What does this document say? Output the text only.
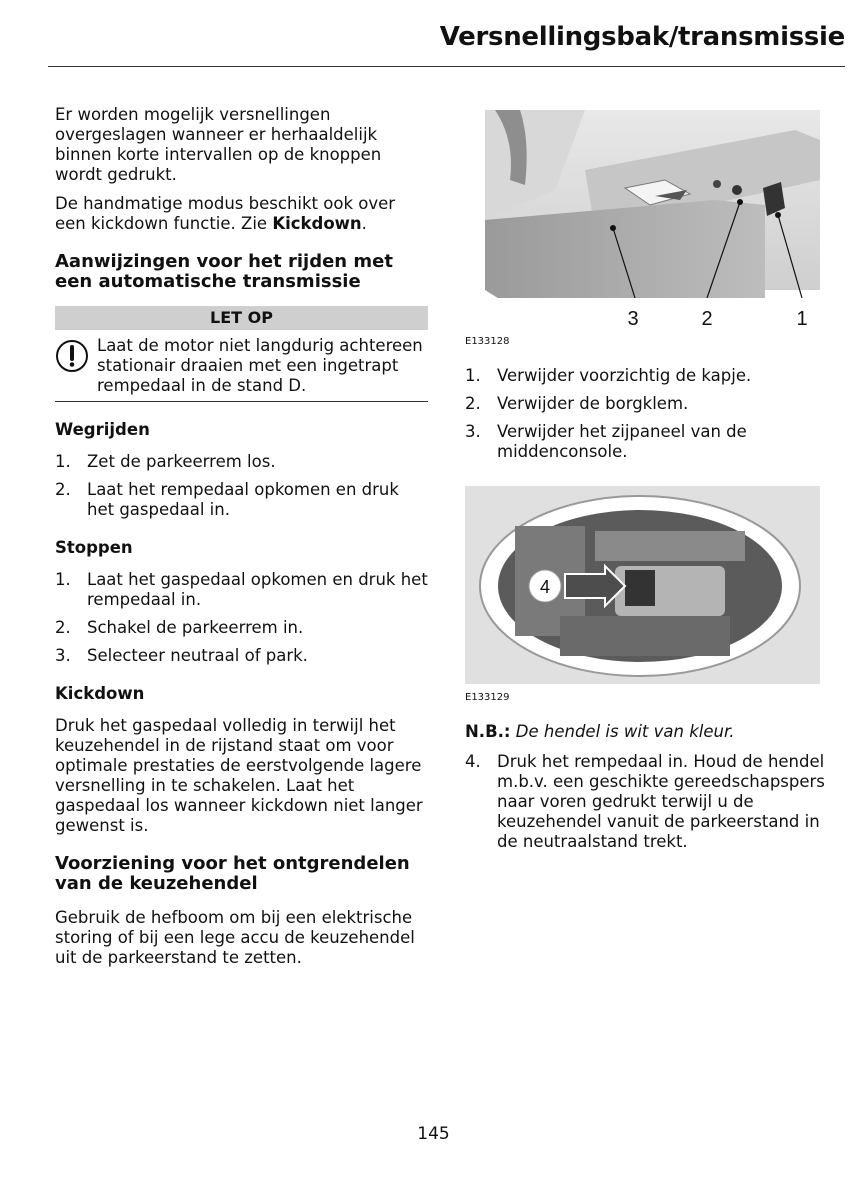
Versnellingsbak/transmissie

Er worden mogelijk versnellingen overgeslagen wanneer er herhaaldelijk binnen korte intervallen op de knoppen wordt gedrukt.

De handmatige modus beschikt ook over een kickdown functie. Zie Kickdown.

Aanwijzingen voor het rijden met een automatische transmissie
LET OP
Laat de motor niet langdurig achtereen stationair draaien met een ingetrapt rempedaal in de stand D.
Wegrijden
1. Zet de parkeerrem los.
2. Laat het rempedaal opkomen en druk het gaspedaal in.
Stoppen
1. Laat het gaspedaal opkomen en druk het rempedaal in.
2. Schakel de parkeerrem in.
3. Selecteer neutraal of park.
Kickdown

Druk het gaspedaal volledig in terwijl het keuzehendel in de rijstand staat om voor optimale prestaties de eerstvolgende lagere versnelling in te schakelen. Laat het gaspedaal los wanneer kickdown niet langer gewenst is.

Voorziening voor het ontgrendelen van de keuzehendel

Gebruik de hefboom om bij een elektrische storing of bij een lege accu de keuzehendel uit de parkeerstand te zetten.

3	2	1
E133128
1. Verwijder voorzichtig de kapje.
2. Verwijder de borgklem.
3. Verwijder het zijpaneel van de middenconsole.
4
E133129

N.B.: De hendel is wit van kleur.

4. Druk het rempedaal in. Houd de hendel m.b.v. een geschikte gereedschapspers naar voren gedrukt terwijl u de keuzehendel vanuit de parkeerstand in de neutraalstand trekt.
145
